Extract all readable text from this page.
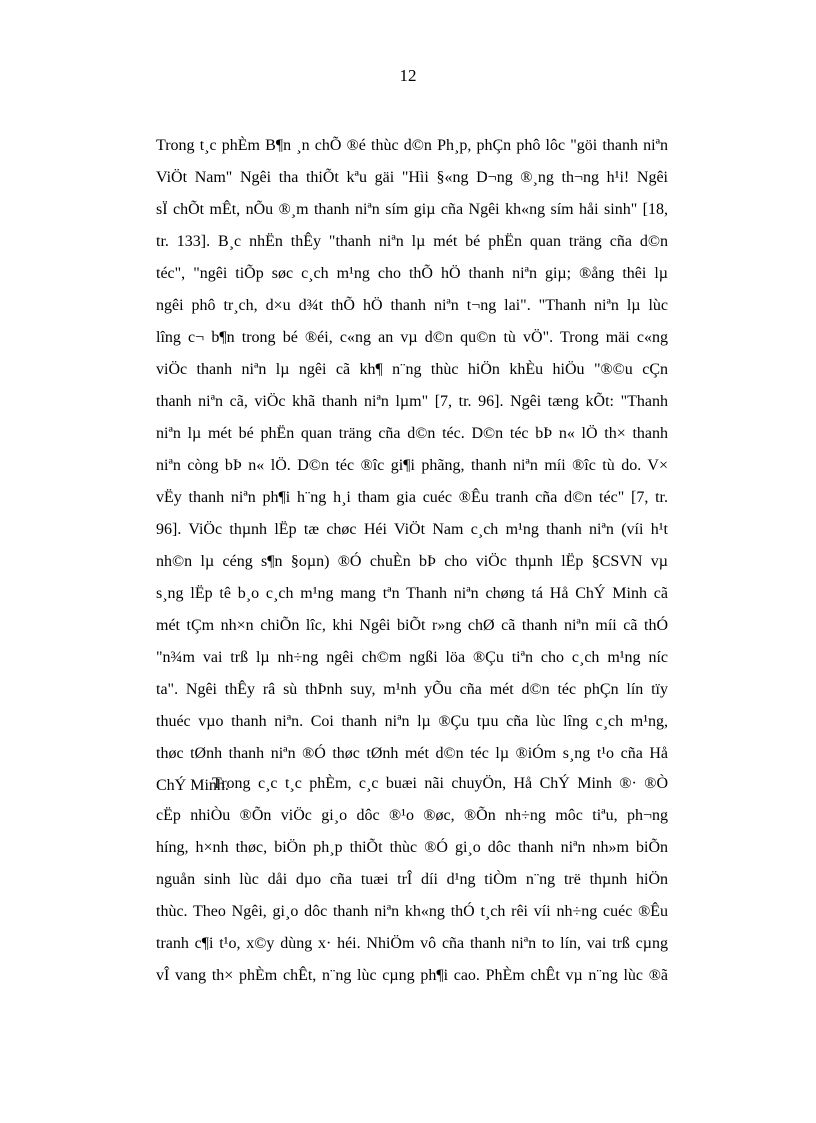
12
Trong t¸c phÈm B¶n ¸n chÕ ®é thùc d©n Ph¸p, phÇn phô lôc "göi thanh niªn
ViÖt Nam" Ngêi tha thiÕt kªu gäi "Hìi §«ng D¬ng ®¸ng th¬ng h¹i! Ngêi
sÏ chÕt mÊt, nÕu ®¸m thanh niªn sím giµ cña Ngêi kh«ng sím håi sinh" [18,
tr. 133]. B¸c nhËn thÊy "thanh niªn lµ mét bé phËn quan träng cña d©n
téc", "ngêi tiÕp søc c¸ch m¹ng cho thÕ hÖ thanh niªn giµ; ®ång thêi lµ
ngêi phô tr¸ch, d×u d¾t thÕ hÖ thanh niªn t¬ng lai". "Thanh niªn lµ lùc
lîng c¬ b¶n trong bé ®éi, c«ng an vµ d©n qu©n tù vÖ". Trong mäi c«ng
viÖc thanh niªn lµ ngêi cã kh¶ n¨ng thùc hiÖn khÈu hiÖu "®©u cÇn
thanh niªn cã, viÖc khã thanh niªn lµm" [7, tr. 96]. Ngêi tæng kÕt: "Thanh
niªn lµ mét bé phËn quan träng cña d©n téc. D©n téc bÞ n« lÖ th× thanh
niªn còng bÞ n« lÖ. D©n téc ®îc gi¶i phãng, thanh niªn míi ®îc tù do. V×
vËy thanh niªn ph¶i h¨ng h¸i tham gia cuéc ®Êu tranh cña d©n téc" [7, tr.
96]. ViÖc thµnh lËp tæ chøc Héi ViÖt Nam c¸ch m¹ng thanh niªn (víi h¹t
nh©n lµ céng s¶n §oµn) ®Ó chuÈn bÞ cho viÖc thµnh lËp §CSVN vµ
s¸ng lËp tê b¸o c¸ch m¹ng mang tªn Thanh niªn chøng tá Hå ChÝ Minh cã
mét tÇm nh×n chiÕn lîc, khi Ngêi biÕt r»ng chØ cã thanh niªn míi cã thÓ
"n¾m vai trß lµ nh÷ng ngêi ch©m ngßi löa ®Çu tiªn cho c¸ch m¹ng níc
ta". Ngêi thÊy râ sù thÞnh suy, m¹nh yÕu cña mét d©n téc phÇn lín tïy
thuéc vµo thanh niªn. Coi thanh niªn lµ ®Çu tµu cña lùc lîng c¸ch m¹ng,
thøc tØnh thanh niªn ®Ó thøc tØnh mét d©n téc lµ ®iÓm s¸ng t¹o cña Hå
ChÝ Minh.
Trong c¸c t¸c phÈm, c¸c buæi nãi chuyÖn, Hå ChÝ Minh ®· ®Ò
cËp nhiÒu ®Õn viÖc gi¸o dôc ®¹o ®øc, ®Õn nh÷ng môc tiªu, ph¬ng
híng, h×nh thøc, biÖn ph¸p thiÕt thùc ®Ó gi¸o dôc thanh niªn nh»m biÕn
nguån sinh lùc dåi dµo cña tuæi trÎ díi d¹ng tiÒm n¨ng trë thµnh hiÖn
thùc. Theo Ngêi, gi¸o dôc thanh niªn kh«ng thÓ t¸ch rêi víi nh÷ng cuéc ®Êu
tranh c¶i t¹o, x©y dùng x· héi. NhiÖm vô cña thanh niªn to lín, vai trß cµng
vÎ vang th× phÈm chÊt, n¨ng lùc cµng ph¶i cao. PhÈm chÊt vµ n¨ng lùc ®ã
